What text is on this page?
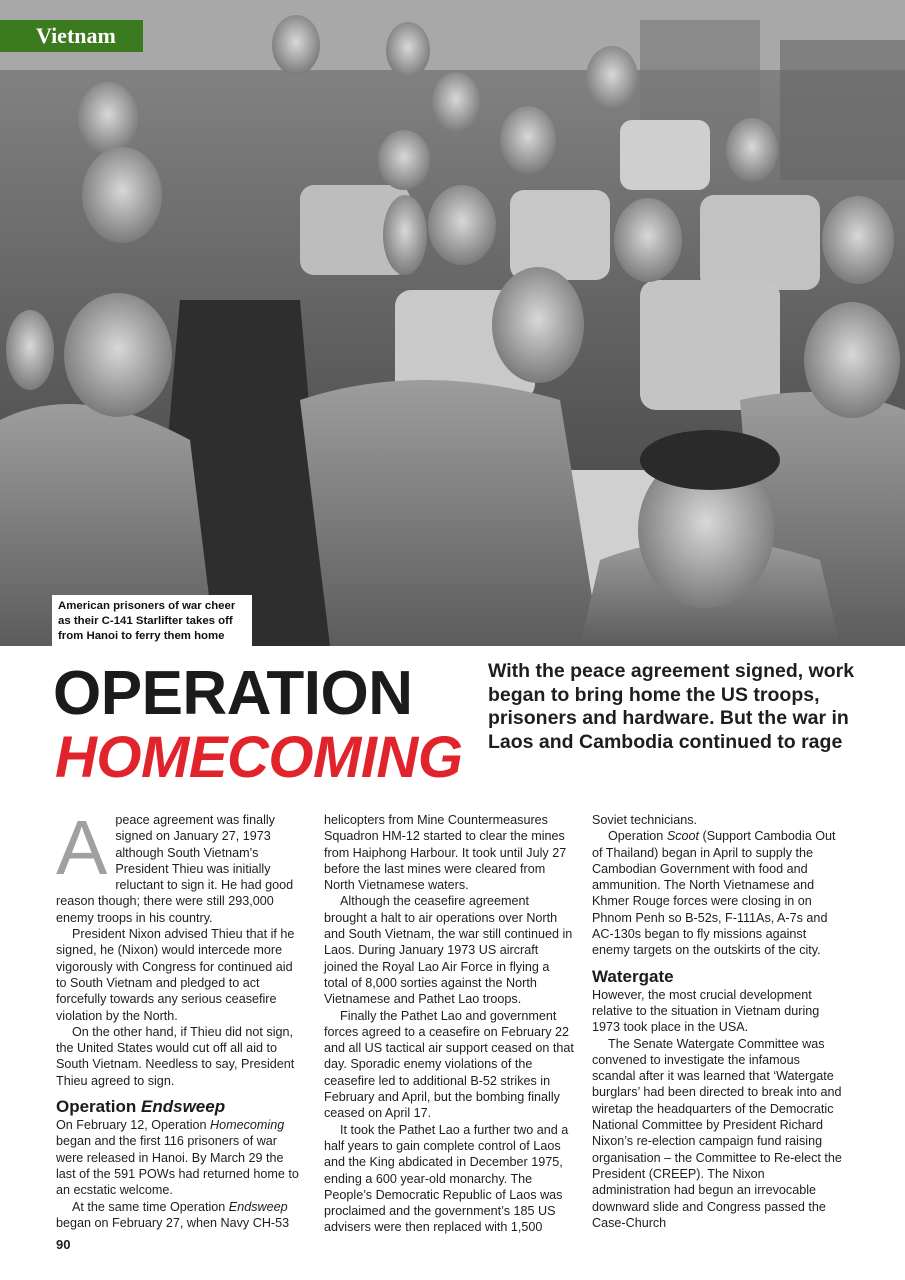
Vietnam
American prisoners of war cheer
as their C-141 Starlifter takes off
from Hanoi to ferry them home
OPERATION
HOMECOMING
With the peace agreement signed, work began to bring home the US troops, prisoners and hardware. But the war in Laos and Cambodia continued to rage

Apeace agreement was finally signed on January 27, 1973 although South Vietnam’s President Thieu was initially reluctant to sign it. He had good reason though; there were still 293,000 enemy troops in his country.

President Nixon advised Thieu that if he signed, he (Nixon) would intercede more vigorously with Congress for continued aid to South Vietnam and pledged to act forcefully towards any serious ceasefire violation by the North.

On the other hand, if Thieu did not sign, the United States would cut off all aid to South Vietnam. Needless to say, President Thieu agreed to sign.

Operation Endsweep

On February 12, Operation Homecoming began and the first 116 prisoners of war were released in Hanoi. By March 29 the last of the 591 POWs had returned home to an ecstatic welcome.

At the same time Operation Endsweep began on February 27, when Navy CH-53

helicopters from Mine Countermeasures Squadron HM-12 started to clear the mines from Haiphong Harbour. It took until July 27 before the last mines were cleared from North Vietnamese waters.

Although the ceasefire agreement brought a halt to air operations over North and South Vietnam, the war still continued in Laos. During January 1973 US aircraft joined the Royal Lao Air Force in flying a total of 8,000 sorties against the North Vietnamese and Pathet Lao troops.

Finally the Pathet Lao and government forces agreed to a ceasefire on February 22 and all US tactical air support ceased on that day. Sporadic enemy violations of the ceasefire led to additional B-52 strikes in February and April, but the bombing finally ceased on April 17.

It took the Pathet Lao a further two and a half years to gain complete control of Laos and the King abdicated in December 1975, ending a 600 year-old monarchy. The People’s Democratic Republic of Laos was proclaimed and the government’s 185 US advisers were then replaced with 1,500

Soviet technicians.

Operation Scoot (Support Cambodia Out of Thailand) began in April to supply the Cambodian Government with food and ammunition. The North Vietnamese and Khmer Rouge forces were closing in on Phnom Penh so B-52s, F-111As, A-7s and AC-130s began to fly missions against enemy targets on the outskirts of the city.

Watergate

However, the most crucial development relative to the situation in Vietnam during 1973 took place in the USA.

The Senate Watergate Committee was convened to investigate the infamous scandal after it was learned that ‘Watergate burglars’ had been directed to break into and wiretap the headquarters of the Democratic National Committee by President Richard Nixon’s re-election campaign fund raising organisation – the Committee to Re-elect the President (CREEP). The Nixon administration had begun an irrevocable downward slide and Congress passed the Case-Church

90
